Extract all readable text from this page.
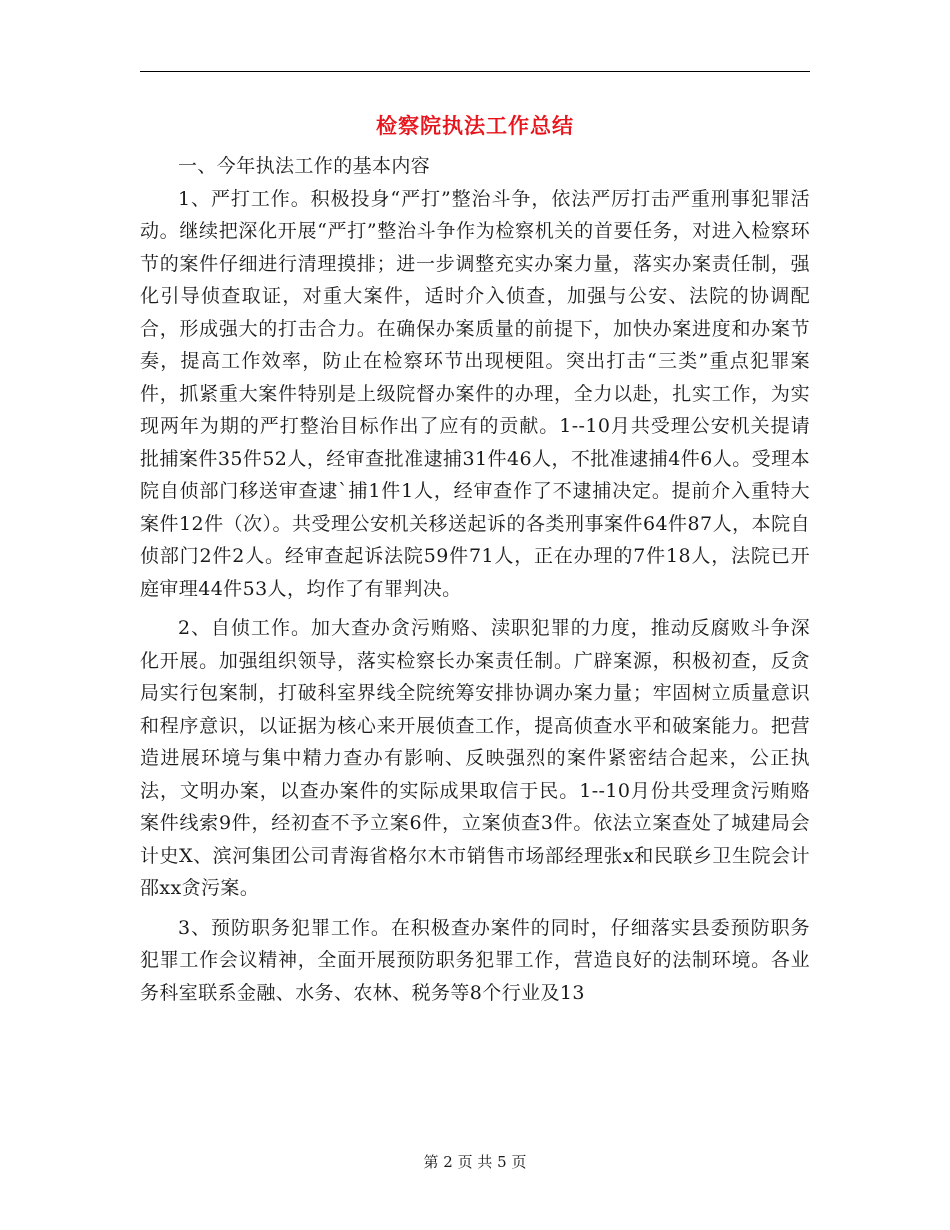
检察院执法工作总结

一、今年执法工作的基本内容

1、严打工作。积极投身“严打”整治斗争，依法严厉打击严重刑事犯罪活动。继续把深化开展“严打”整治斗争作为检察机关的首要任务，对进入检察环节的案件仔细进行清理摸排；进一步调整充实办案力量，落实办案责任制，强化引导侦查取证，对重大案件，适时介入侦查，加强与公安、法院的协调配合，形成强大的打击合力。在确保办案质量的前提下，加快办案进度和办案节奏，提高工作效率，防止在检察环节出现梗阻。突出打击“三类”重点犯罪案件，抓紧重大案件特别是上级院督办案件的办理，全力以赴，扎实工作，为实现两年为期的严打整治目标作出了应有的贡献。1--10月共受理公安机关提请批捕案件35件52人，经审查批准逮捕31件46人，不批准逮捕4件6人。受理本院自侦部门移送审查逮`捕1件1人，经审查作了不逮捕决定。提前介入重特大案件12件（次）。共受理公安机关移送起诉的各类刑事案件64件87人，本院自侦部门2件2人。经审查起诉法院59件71人，正在办理的7件18人，法院已开庭审理44件53人，均作了有罪判决。

2、自侦工作。加大查办贪污贿赂、渎职犯罪的力度，推动反腐败斗争深化开展。加强组织领导，落实检察长办案责任制。广辟案源，积极初查，反贪局实行包案制，打破科室界线全院统筹安排协调办案力量；牢固树立质量意识和程序意识，以证据为核心来开展侦查工作，提高侦查水平和破案能力。把营造进展环境与集中精力查办有影响、反映强烈的案件紧密结合起来，公正执法，文明办案，以查办案件的实际成果取信于民。1--10月份共受理贪污贿赂案件线索9件，经初查不予立案6件，立案侦查3件。依法立案查处了城建局会计史X、滨河集团公司青海省格尔木市销售市场部经理张x和民联乡卫生院会计邵xx贪污案。

3、预防职务犯罪工作。在积极查办案件的同时，仔细落实县委预防职务犯罪工作会议精神，全面开展预防职务犯罪工作，营造良好的法制环境。各业务科室联系金融、水务、农林、税务等8个行业及13

第 2 页 共 5 页
